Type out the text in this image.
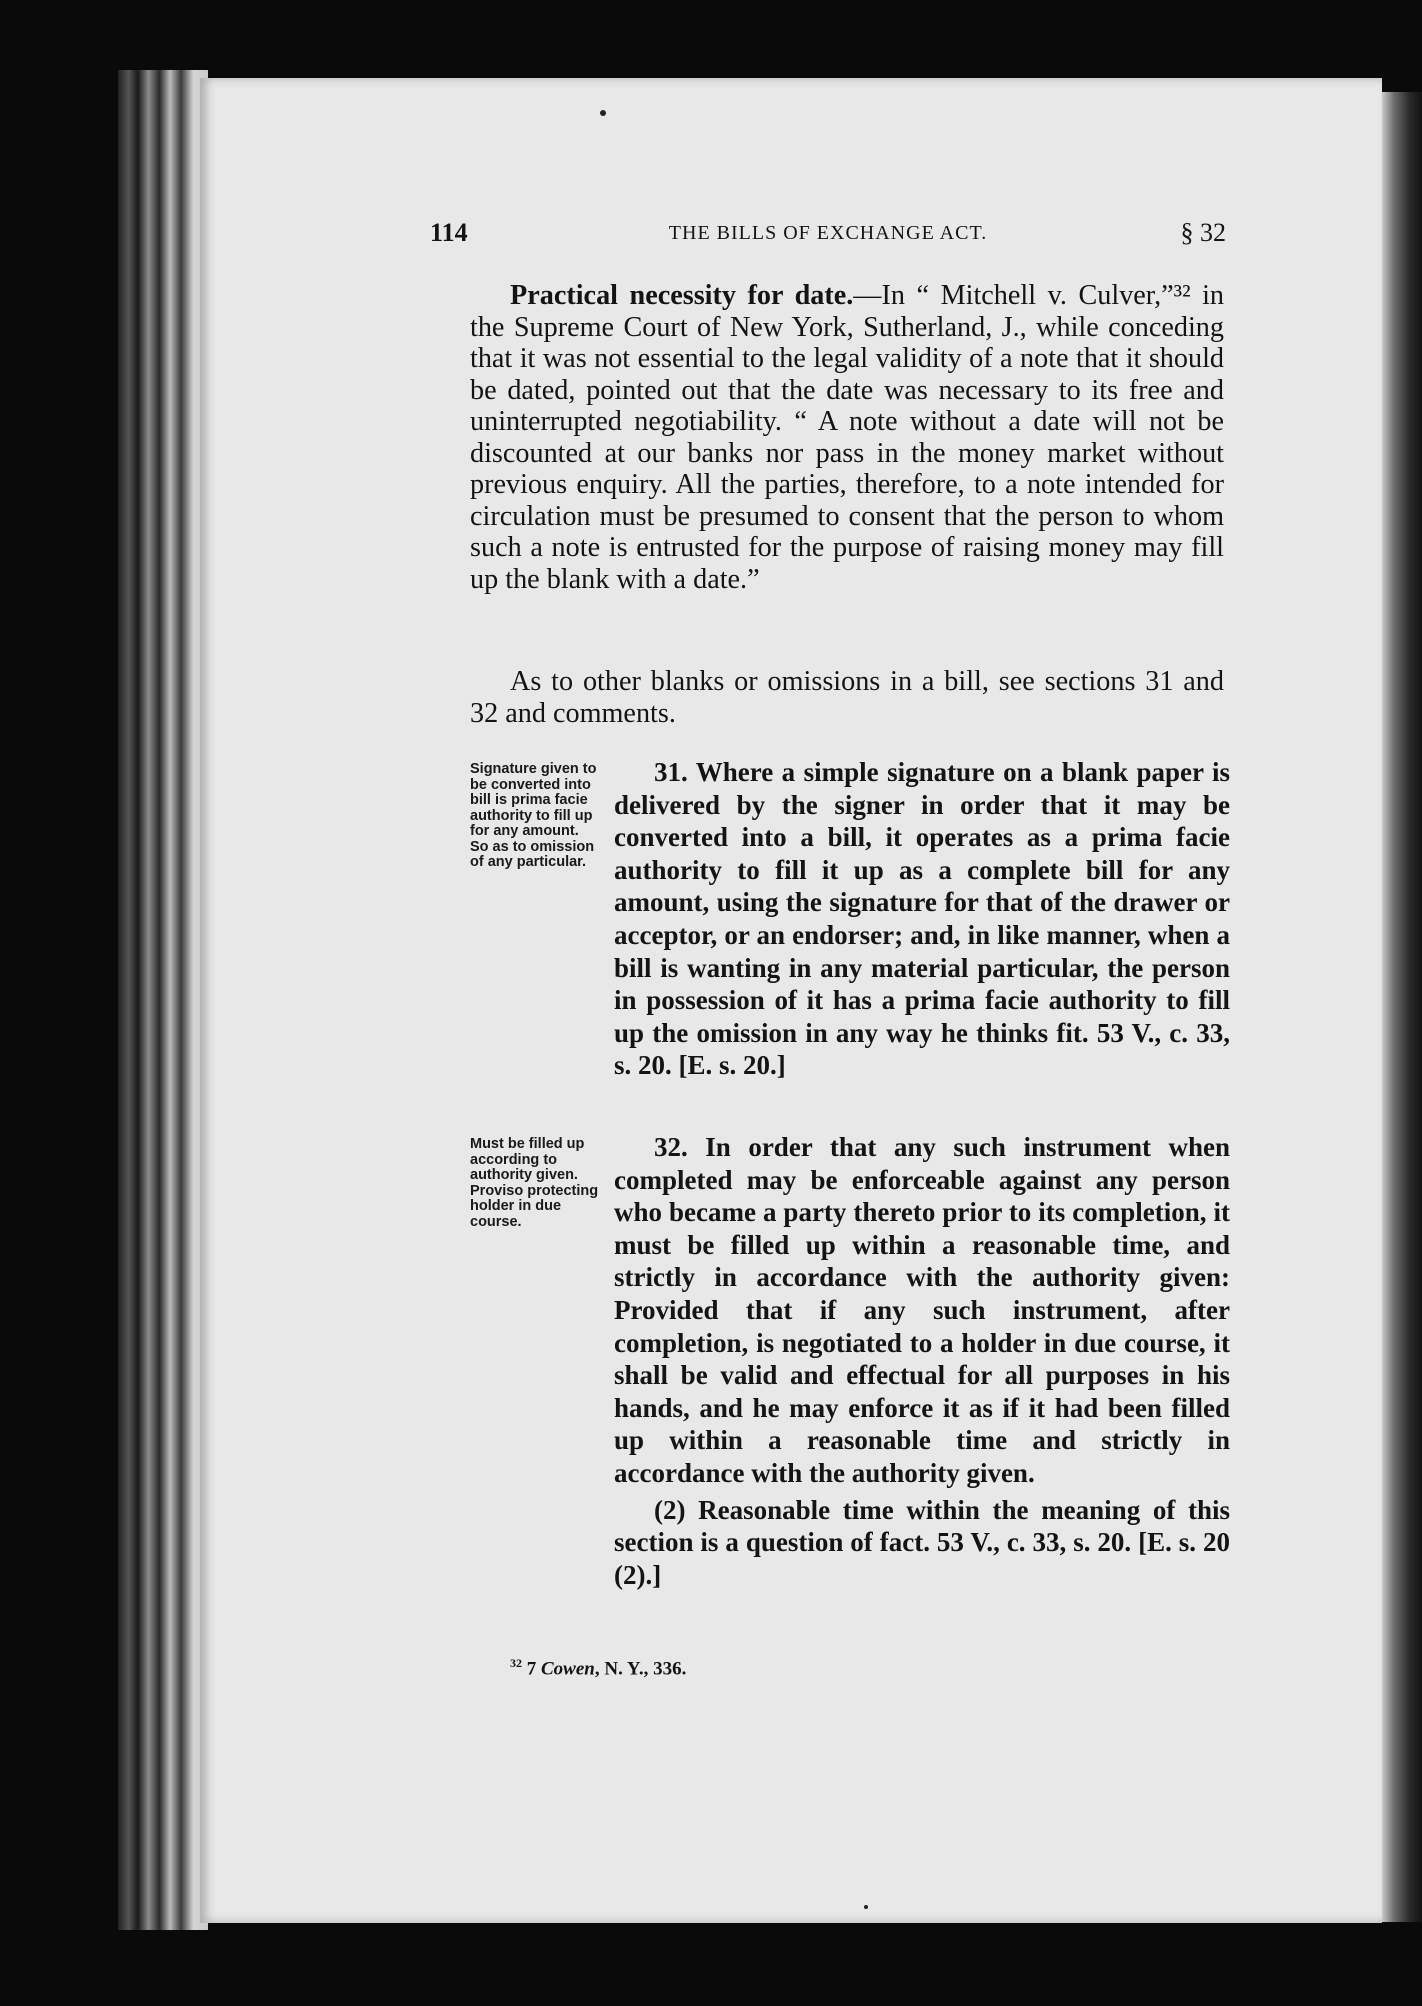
114	THE BILLS OF EXCHANGE ACT.	§ 32
Practical necessity for date.—In “ Mitchell v. Culver,”³² in the Supreme Court of New York, Sutherland, J., while conceding that it was not essential to the legal validity of a note that it should be dated, pointed out that the date was necessary to its free and uninterrupted negotiability. “ A note without a date will not be discounted at our banks nor pass in the money market without previous enquiry. All the parties, therefore, to a note intended for circulation must be presumed to consent that the person to whom such a note is entrusted for the purpose of raising money may fill up the blank with a date.”
As to other blanks or omissions in a bill, see sections 31 and 32 and comments.
Signature given to be converted into bill is prima facie authority to fill up for any amount. So as to omission of any particular.
31. Where a simple signature on a blank paper is delivered by the signer in order that it may be converted into a bill, it operates as a prima facie authority to fill it up as a complete bill for any amount, using the signature for that of the drawer or acceptor, or an endorser; and, in like manner, when a bill is wanting in any material particular, the person in possession of it has a prima facie authority to fill up the omission in any way he thinks fit. 53 V., c. 33, s. 20. [E. s. 20.]
Must be filled up according to authority given. Proviso protecting holder in due course.
32. In order that any such instrument when completed may be enforceable against any person who became a party thereto prior to its completion, it must be filled up within a reasonable time, and strictly in accordance with the authority given: Provided that if any such instrument, after completion, is negotiated to a holder in due course, it shall be valid and effectual for all purposes in his hands, and he may enforce it as if it had been filled up within a reasonable time and strictly in accordance with the authority given.
(2) Reasonable time within the meaning of this section is a question of fact. 53 V., c. 33, s. 20. [E. s. 20 (2).]
$^{32}$ 7 Cowen, N. Y., 336.
